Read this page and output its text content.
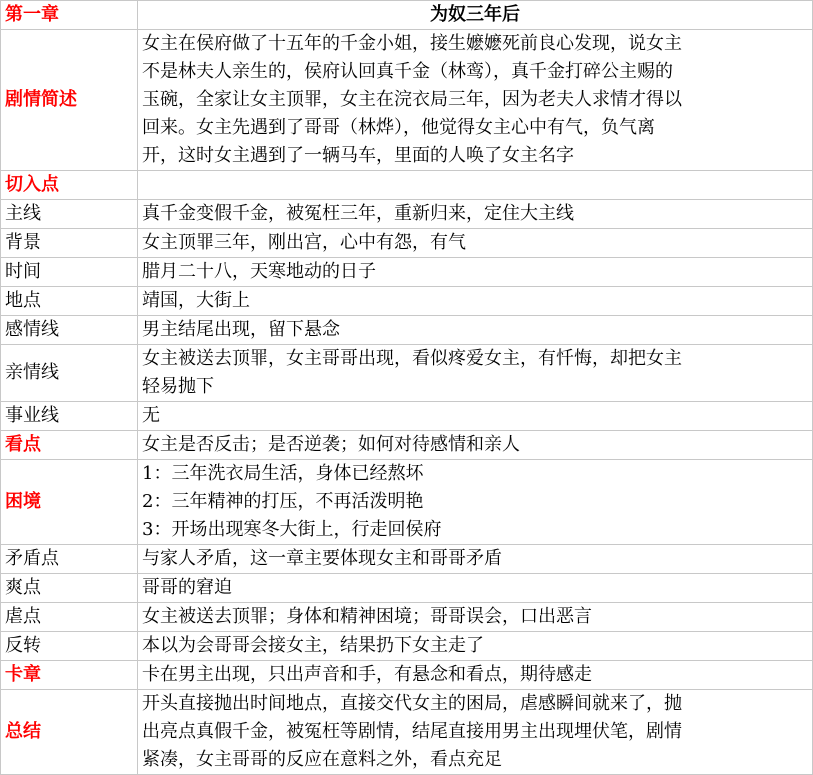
第一章	为奴三年后
剧情简述	女主在侯府做了十五年的千金小姐，接生嬷嬷死前良心发现，说女主
不是林夫人亲生的，侯府认回真千金（林鸾），真千金打碎公主赐的
玉碗，全家让女主顶罪，女主在浣衣局三年，因为老夫人求情才得以
回来。女主先遇到了哥哥（林烨），他觉得女主心中有气，负气离
开，这时女主遇到了一辆马车，里面的人唤了女主名字

切入点	

主线	真千金变假千金，被冤枉三年，重新归来，定住大主线

背景	女主顶罪三年，刚出宫，心中有怨，有气

时间	腊月二十八，天寒地动的日子

地点	靖国，大街上

感情线	男主结尾出现，留下悬念

亲情线	女主被送去顶罪，女主哥哥出现，看似疼爱女主，有忏悔，却把女主
轻易抛下

事业线	无

看点	女主是否反击；是否逆袭；如何对待感情和亲人

困境	1：三年洗衣局生活，身体已经熬坏
2：三年精神的打压，不再活泼明艳
3：开场出现寒冬大街上，行走回侯府

矛盾点	与家人矛盾，这一章主要体现女主和哥哥矛盾

爽点	哥哥的窘迫

虐点	女主被送去顶罪；身体和精神困境；哥哥误会，口出恶言

反转	本以为会哥哥会接女主，结果扔下女主走了

卡章	卡在男主出现，只出声音和手，有悬念和看点，期待感走

总结	开头直接抛出时间地点，直接交代女主的困局，虐感瞬间就来了，抛
出亮点真假千金，被冤枉等剧情，结尾直接用男主出现埋伏笔，剧情
紧凑，女主哥哥的反应在意料之外，看点充足
